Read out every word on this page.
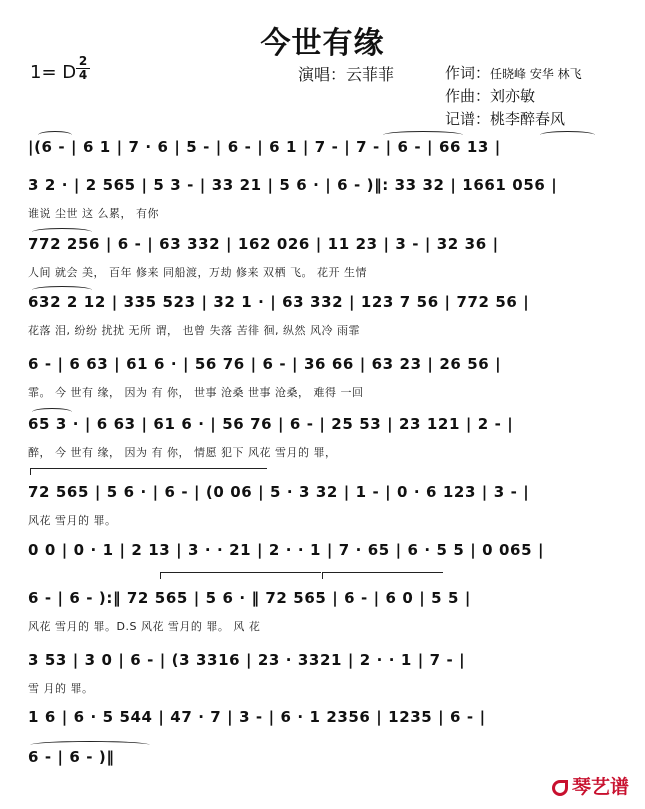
今世有缘
1= D
2
4	演唱：云菲菲	作词：任晓峰 安华 林飞
作曲：刘亦敏
记谱：桃李醉春风
|(6 - | 6 1 | 7 · 6 | 5 - | 6 - | 6 1 | 7 - | 7 - | 6 - | 66 13 |
3 2 · | 2 565 | 5 3 - | 33 21 | 5 6 · | 6 - )‖: 33 32 | 1661 056 |
谁说 尘世 这 么累， 有你
772 256 | 6 - | 63 332 | 162 026 | 11 23 | 3 - | 32 36 |
人间 就会 美， 百年 修来 同船渡，万劫 修来 双栖 飞。 花开 生情
632 2 12 | 335 523 | 32 1 · | 63 332 | 123 7 56 | 772 56 |
花落 泪, 纷纷 扰扰 无所 谓， 也曾 失落 苦徘 徊, 纵然 风冷 雨霏
6 - | 6 63 | 61 6 · | 56 76 | 6 - | 36 66 | 63 23 | 26 56 |
霏。 今 世有 缘， 因为 有 你， 世事 沧桑 世事 沧桑， 难得 一回
65 3 · | 6 63 | 61 6 · | 56 76 | 6 - | 25 53 | 23 121 | 2 - |
醉， 今 世有 缘， 因为 有 你， 情愿 犯下 风花 雪月的 罪，
72 565 | 5 6 · | 6 - | (0 06 | 5 · 3 32 | 1 - | 0 · 6 123 | 3 - |
风花 雪月的 罪。
0 0 | 0 · 1 | 2 13 | 3 · · 21 | 2 · · 1 | 7 · 65 | 6 · 5 5 | 0 065 |
6 - | 6 - ):‖ 72 565 | 5 6 · ‖ 72 565 | 6 - | 6 0 | 5 5 |
风花 雪月的 罪。D.S 风花 雪月的 罪。 风 花
3 53 | 3 0 | 6 - | (3 3316 | 23 · 3321 | 2 · · 1 | 7 - |
雪 月的 罪。
1 6 | 6 · 5 544 | 47 · 7 | 3 - | 6 · 1 2356 | 1235 | 6 - |
6 - | 6 - )‖
琴艺谱
